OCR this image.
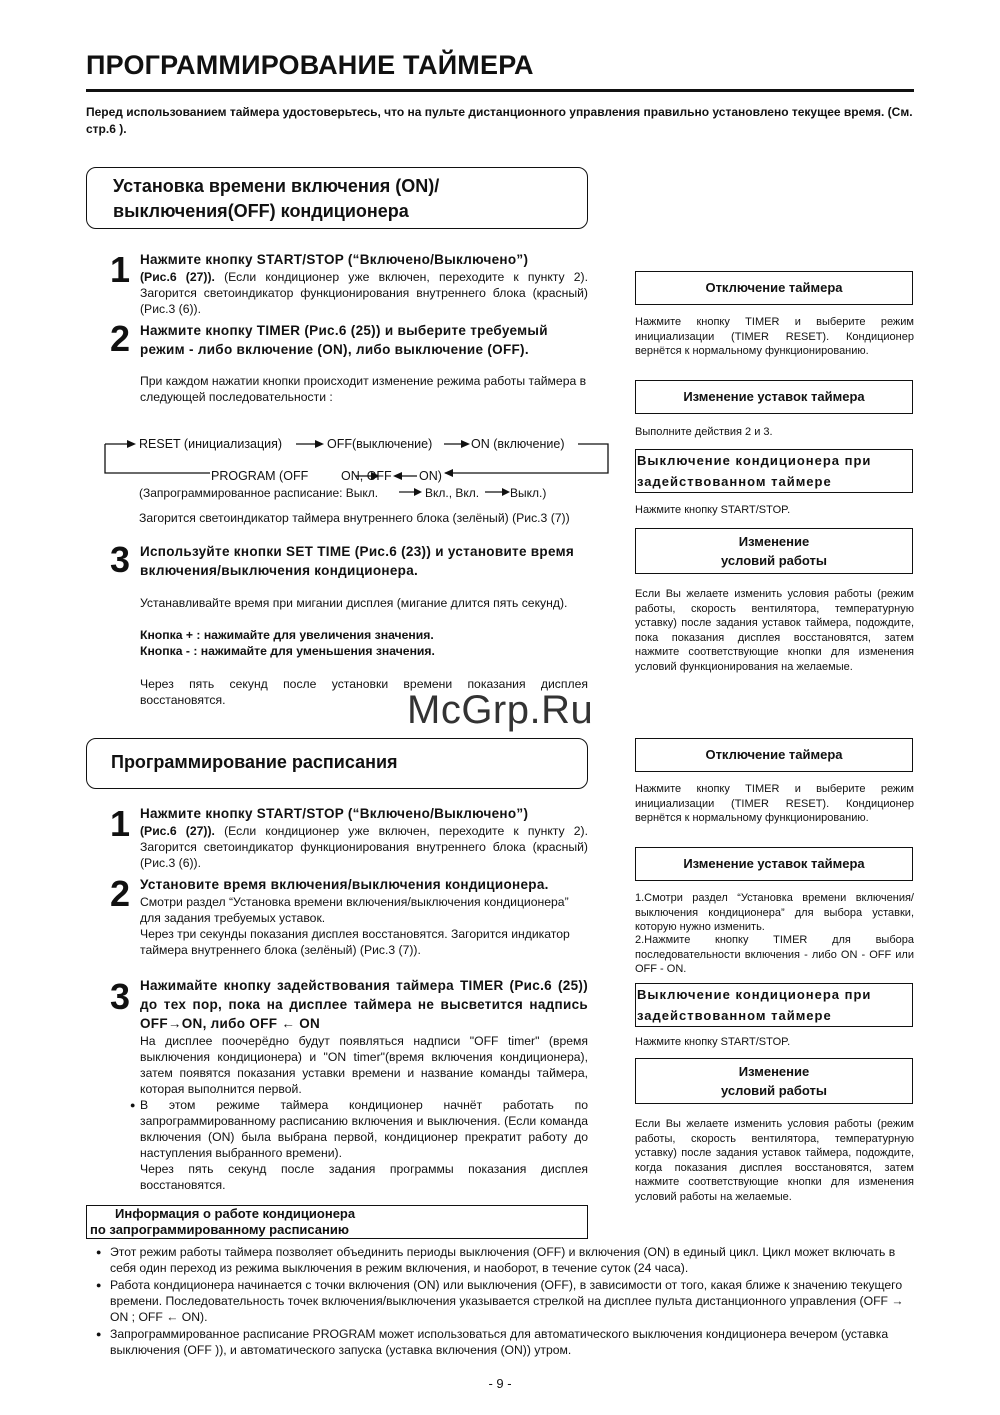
ПРОГРАММИРОВАНИЕ ТАЙМЕРА
Перед использованием таймера удостоверьтесь, что на пульте дистанционного управления правильно установлено текущее время. (См. стр.6 ).
Установка времени включения (ON)/
выключения(OFF) кондиционера
1 Нажмите кнопку START/STOP (“Включено/Выключено”)
(Рис.6 (27)). (Если кондиционер уже включен, переходите к пункту 2). Загорится светоиндикатор функционирования внутреннего блока (красный) (Рис.3 (6)).
2 Нажмите кнопку TIMER (Рис.6 (25)) и выберите требуемый режим - либо включение (ON), либо выключение (OFF).
При каждом нажатии кнопки происходит изменение режима работы таймера в следующей последовательности :
RESET (инициализация)	OFF(выключение)	ON (включение)
PROGRAM (OFF	ON, OFF ON)
(Запрограммированное расписание: Выкл.	Вкл., Вкл.	Выкл.)
Загорится светоиндикатор таймера внутреннего блока (зелёный) (Рис.3 (7))
3 Используйте кнопки SET TIME (Рис.6 (23)) и установите время включения/выключения кондиционера.
Устанавливайте время при мигании дисплея (мигание длится пять секунд).
Кнопка + : нажимайте для увеличения значения.
Кнопка - : нажимайте для уменьшения значения.
Через пять секунд после установки времени показания дисплея восстановятся.
Отключение таймера
Нажмите кнопку TIMER и выберите режим инициализации (TIMER RESET). Кондиционер вернётся к нормальному функционированию.
Изменение уставок таймера
Выполните действия 2 и 3.
Выключение кондиционера при
задействованном таймере
Нажмите кнопку START/STOP.
Изменение
условий работы
Если Вы желаете изменить условия работы (режим работы, скорость вентилятора, температурную уставку) после задания уставок таймера, подождите, пока показания дисплея восстановятся, затем нажмите соответствующие кнопки для изменения условий функционирования на желаемые.
McGrp.Ru
Программирование расписания
1 Нажмите кнопку START/STOP (“Включено/Выключено”)
(Рис.6 (27)). (Если кондиционер уже включен, переходите к пункту 2). Загорится светоиндикатор функционирования внутреннего блока (красный) (Рис.3 (6)).
2 Установите время включения/выключения кондиционера.
Смотри раздел “Установка времени включения/выключения кондиционера” для задания требуемых уставок.
Через три секунды показания дисплея восстановятся. Загорится индикатор таймера внутреннего блока (зелёный) (Рис.3 (7)).
3 Нажимайте кнопку задействования таймера TIMER (Рис.6 (25)) до тех пор, пока на дисплее таймера не высветится надпись OFF→ON, либо OFF ← ON
На дисплее поочерёдно будут появляться надписи "OFF timer" (время выключения кондиционера) и "ON timer"(время включения кондиционера), затем появятся показания уставки времени и название команды таймера, которая выполнится первой.
● В этом режиме таймера кондиционер начнёт работать по запрограммированному расписанию включения и выключения. (Если команда включения (ON) была выбрана первой, кондиционер прекратит работу до наступления выбранного времени).
Через пять секунд после задания программы показания дисплея восстановятся.
Информация о работе кондиционера
по запрограммированному расписанию
Отключение таймера
Нажмите кнопку TIMER и выберите режим инициализации (TIMER RESET). Кондиционер вернётся к нормальному функционированию.
Изменение уставок таймера
1.Смотри раздел “Установка времени включения/ выключения кондиционера” для выбора уставки, которую нужно изменить.
2.Нажмите кнопку TIMER для выбора последовательности включения - либо ON - OFF или OFF - ON.
Выключение кондиционера при
задействованном таймере
Нажмите кнопку START/STOP.
Изменение
условий работы
Если Вы желаете изменить условия работы (режим работы, скорость вентилятора, температурную уставку) после задания уставок таймера, подождите, когда показания дисплея восстановятся, затем нажмите соответствующие кнопки для изменения условий работы на желаемые.
● Этот режим работы таймера позволяет объединить периоды выключения (OFF) и включения (ON) в единый цикл. Цикл может включать в себя один переход из режима выключения в режим включения, и наоборот, в течение суток (24 часа).
● Работа кондиционера начинается с точки включения (ON) или выключения (OFF), в зависимости от того, какая ближе к значению текущего времени. Последовательность точек включения/выключения указывается стрелкой на дисплее пульта дистанционного управления (OFF → ON ; OFF ← ON).
● Запрограммированное расписание PROGRAM может использоваться для автоматического выключения кондиционера вечером (уставка выключения (OFF )), и автоматического запуска (уставка включения (ON)) утром.
- 9 -
